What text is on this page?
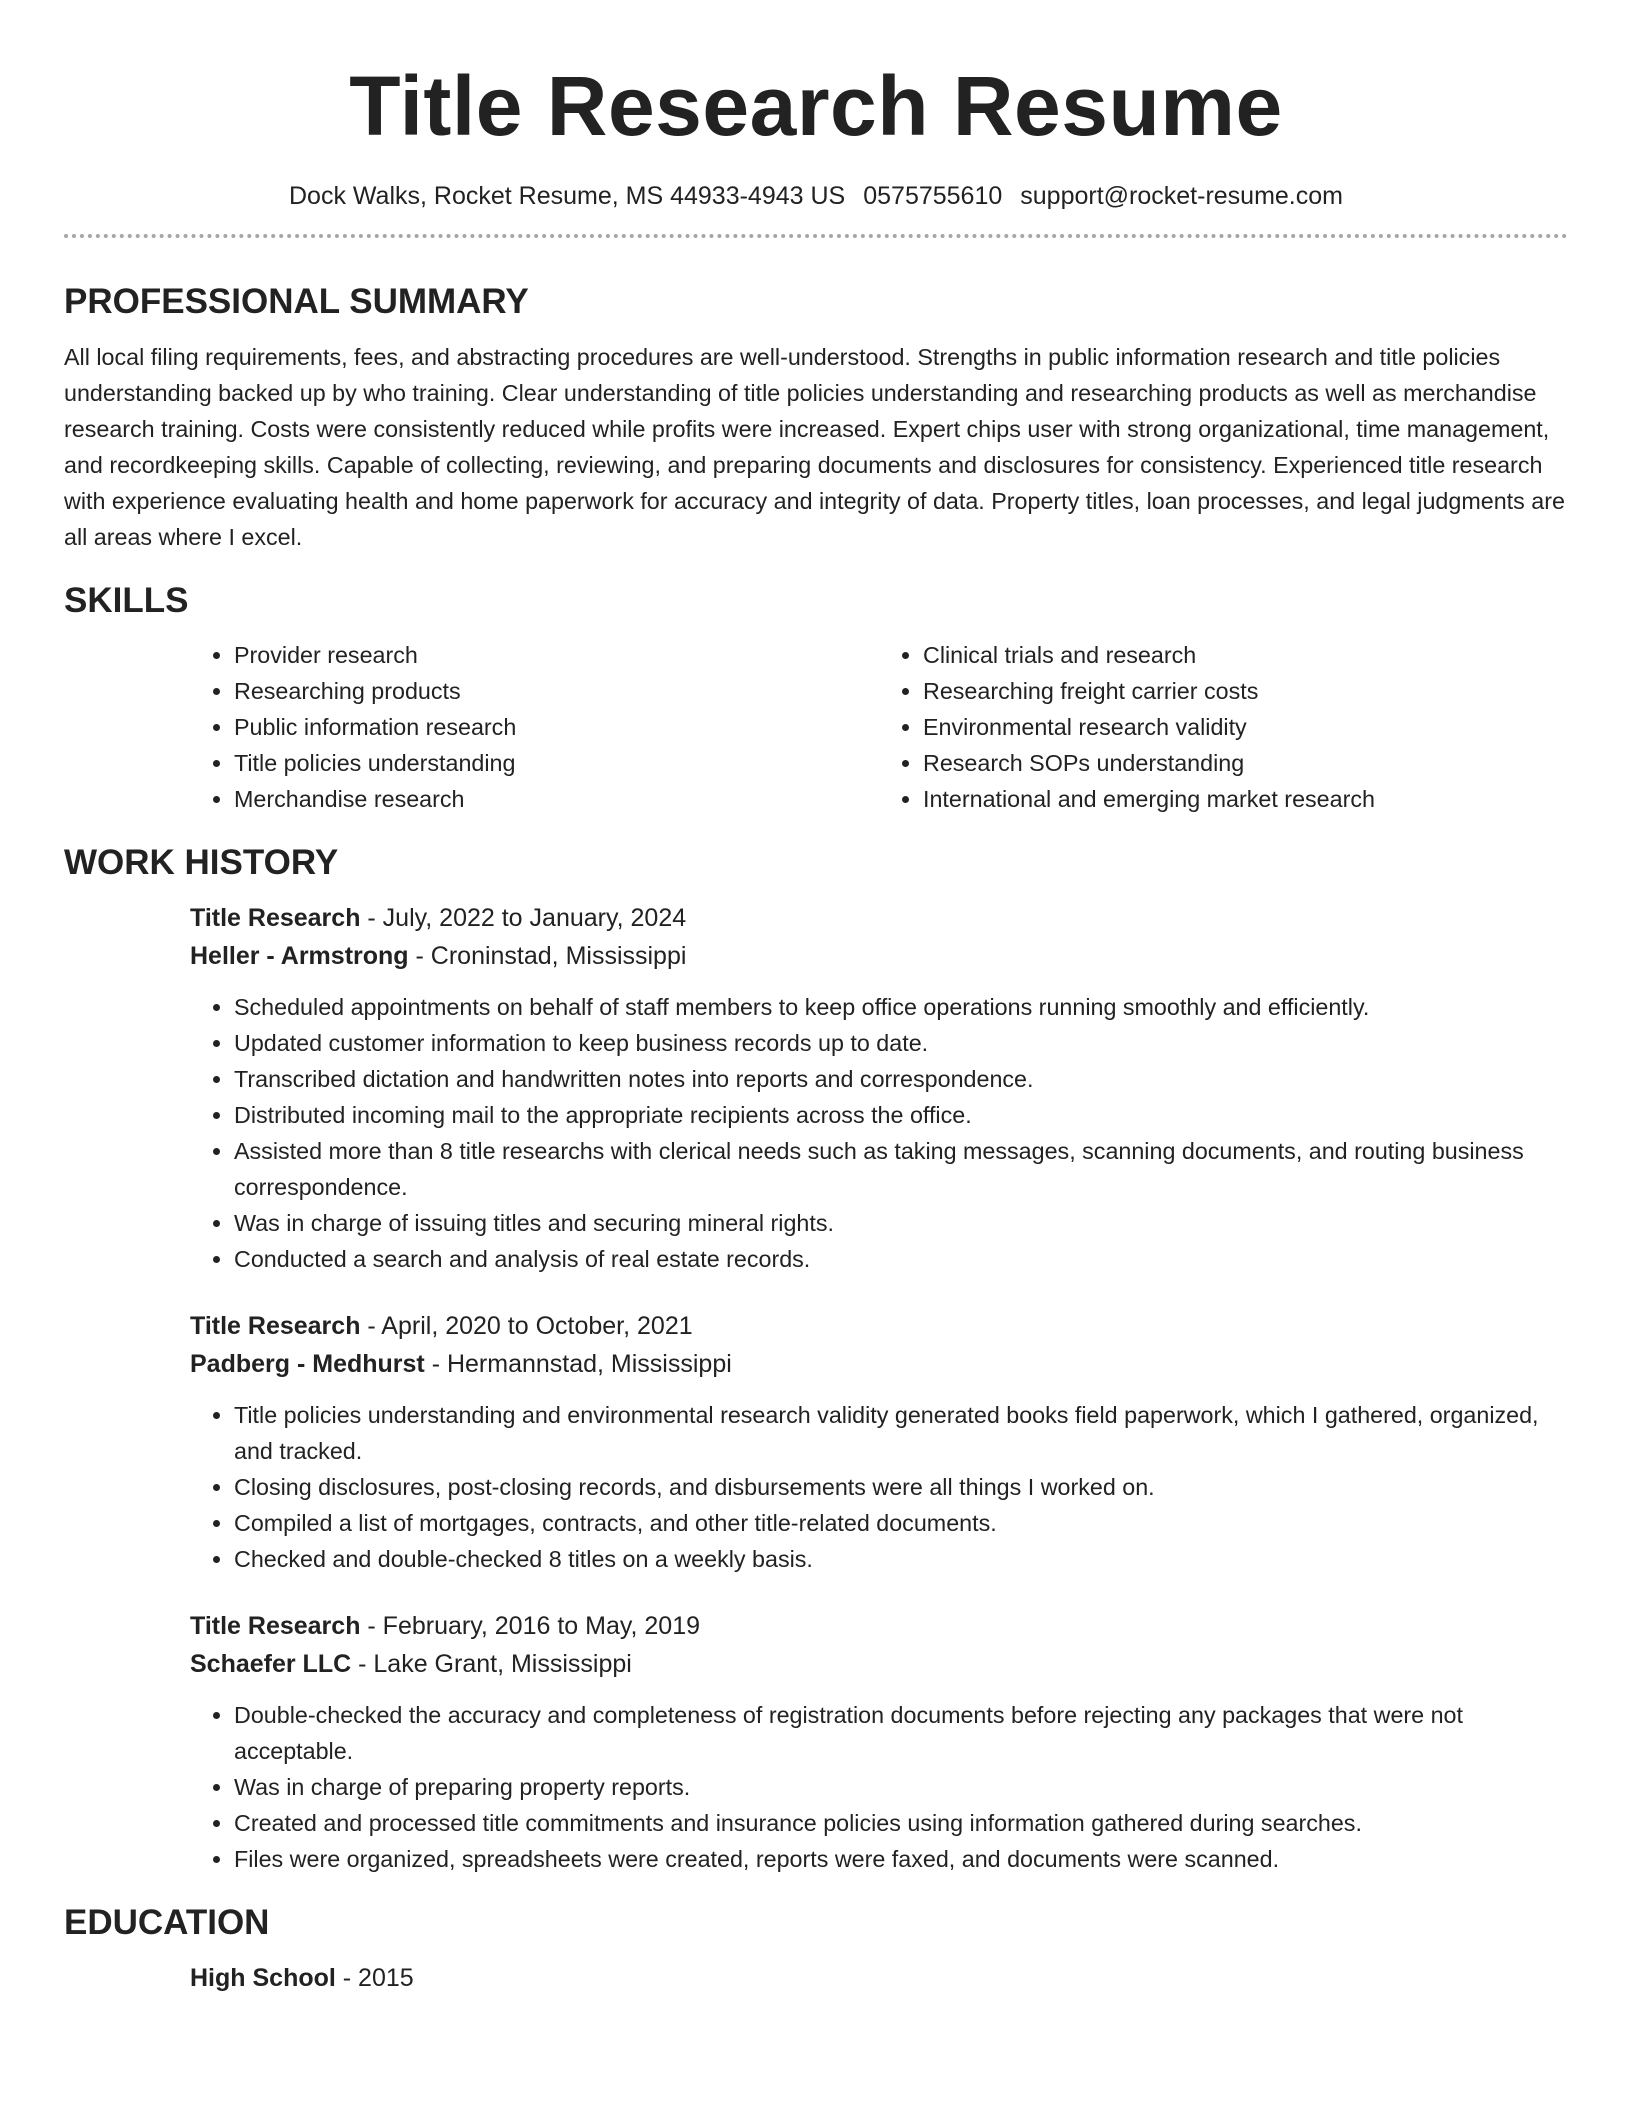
Title Research Resume
Dock Walks, Rocket Resume, MS 44933-4943 US 0575755610 support@rocket-resume.com
PROFESSIONAL SUMMARY

All local filing requirements, fees, and abstracting procedures are well-understood. Strengths in public information research and title policies understanding backed up by who training. Clear understanding of title policies understanding and researching products as well as merchandise research training. Costs were consistently reduced while profits were increased. Expert chips user with strong organizational, time management, and recordkeeping skills. Capable of collecting, reviewing, and preparing documents and disclosures for consistency. Experienced title research with experience evaluating health and home paperwork for accuracy and integrity of data. Property titles, loan processes, and legal judgments are all areas where I excel.

SKILLS
• Provider research
• Researching products
• Public information research
• Title policies understanding
• Merchandise research
• Clinical trials and research
• Researching freight carrier costs
• Environmental research validity
• Research SOPs understanding
• International and emerging market research
WORK HISTORY
Title Research - July, 2022 to January, 2024
Heller - Armstrong - Croninstad, Mississippi
• Scheduled appointments on behalf of staff members to keep office operations running smoothly and efficiently.
• Updated customer information to keep business records up to date.
• Transcribed dictation and handwritten notes into reports and correspondence.
• Distributed incoming mail to the appropriate recipients across the office.
• Assisted more than 8 title researchs with clerical needs such as taking messages, scanning documents, and routing business correspondence.
• Was in charge of issuing titles and securing mineral rights.
• Conducted a search and analysis of real estate records.
Title Research - April, 2020 to October, 2021
Padberg - Medhurst - Hermannstad, Mississippi
• Title policies understanding and environmental research validity generated books field paperwork, which I gathered, organized, and tracked.
• Closing disclosures, post-closing records, and disbursements were all things I worked on.
• Compiled a list of mortgages, contracts, and other title-related documents.
• Checked and double-checked 8 titles on a weekly basis.
Title Research - February, 2016 to May, 2019
Schaefer LLC - Lake Grant, Mississippi
• Double-checked the accuracy and completeness of registration documents before rejecting any packages that were not acceptable.
• Was in charge of preparing property reports.
• Created and processed title commitments and insurance policies using information gathered during searches.
• Files were organized, spreadsheets were created, reports were faxed, and documents were scanned.
EDUCATION
High School - 2015
